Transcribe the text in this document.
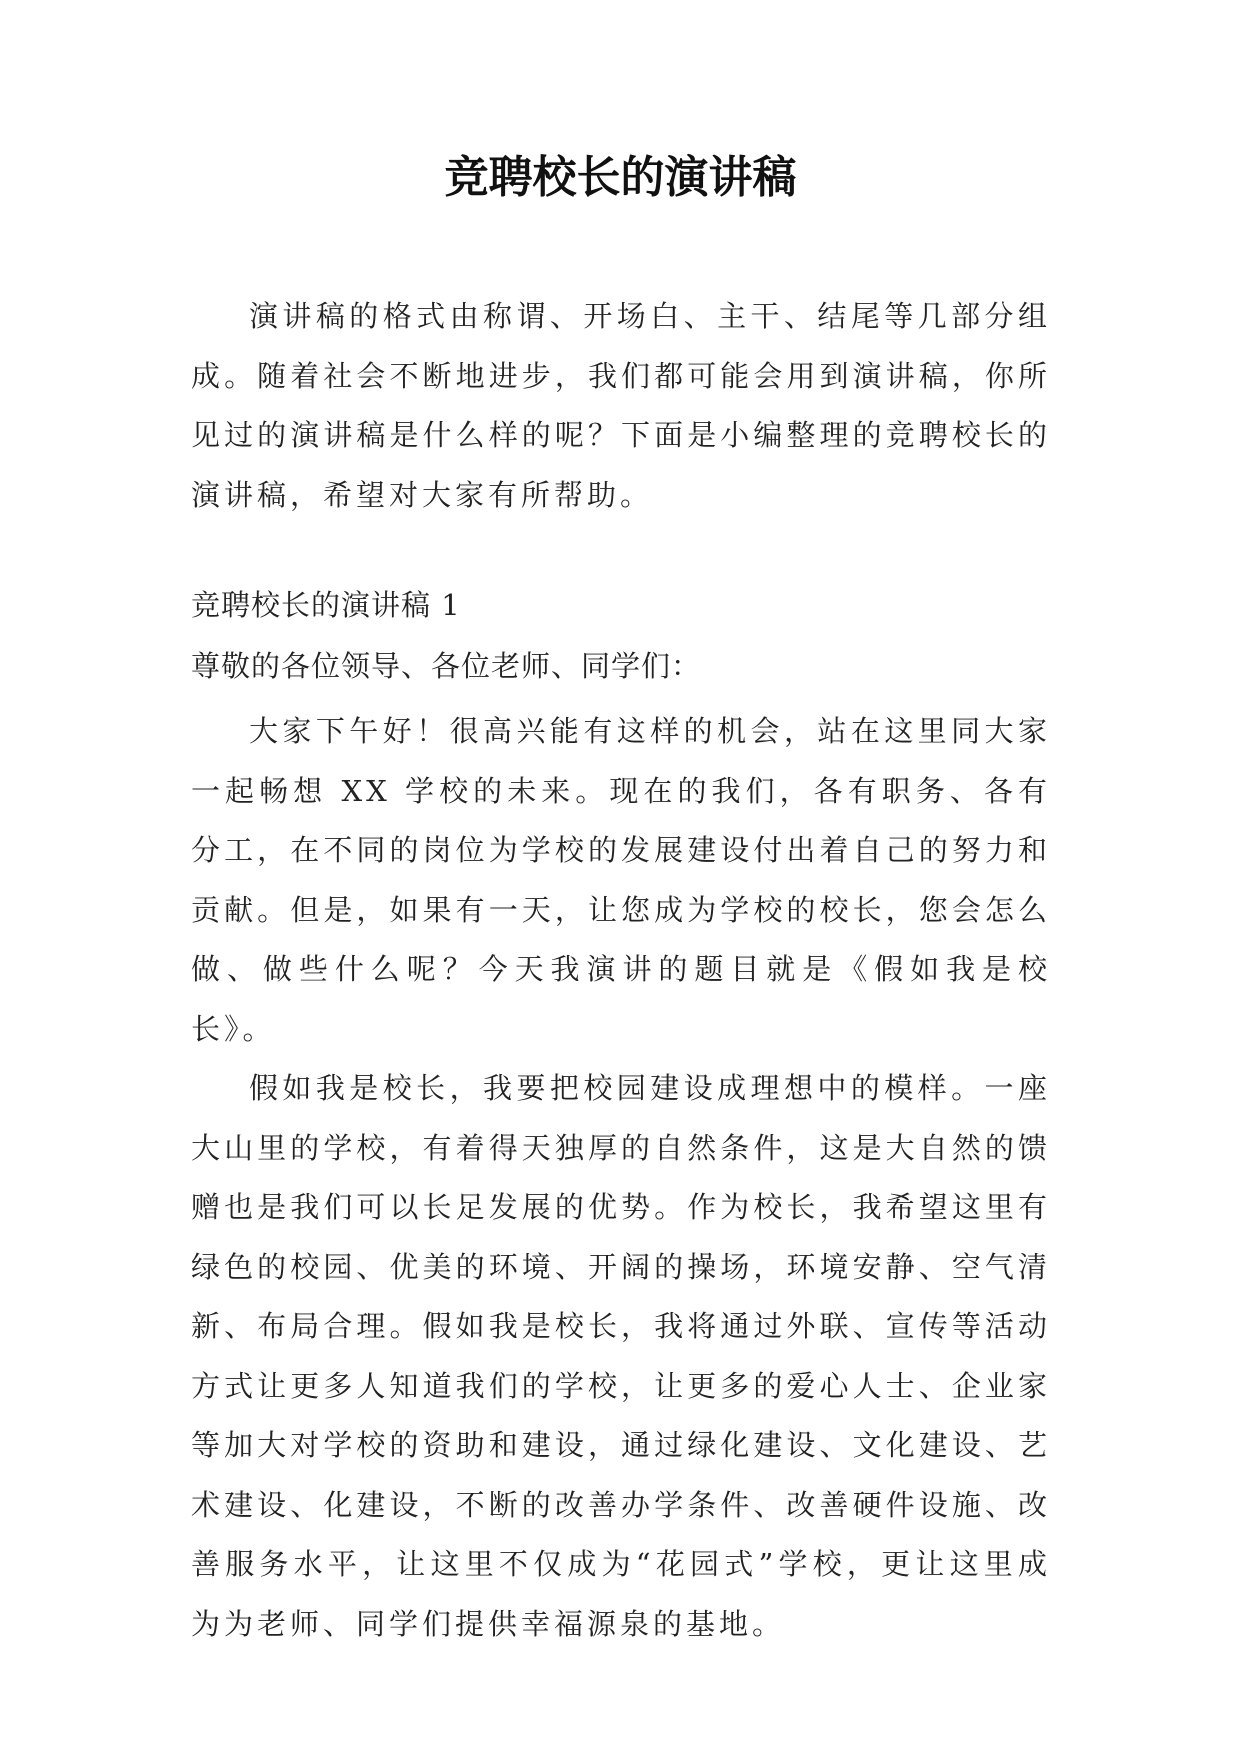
竞聘校长的演讲稿

演讲稿的格式由称谓、开场白、主干、结尾等几部分组成。随着社会不断地进步，我们都可能会用到演讲稿，你所见过的演讲稿是什么样的呢？下面是小编整理的竞聘校长的演讲稿，希望对大家有所帮助。

竞聘校长的演讲稿 1

尊敬的各位领导、各位老师、同学们：

大家下午好！很高兴能有这样的机会，站在这里同大家一起畅想 XX 学校的未来。现在的我们，各有职务、各有分工，在不同的岗位为学校的发展建设付出着自己的努力和贡献。但是，如果有一天，让您成为学校的校长，您会怎么做、做些什么呢？今天我演讲的题目就是《假如我是校长》。

假如我是校长，我要把校园建设成理想中的模样。一座大山里的学校，有着得天独厚的自然条件，这是大自然的馈赠也是我们可以长足发展的优势。作为校长，我希望这里有绿色的校园、优美的环境、开阔的操场，环境安静、空气清新、布局合理。假如我是校长，我将通过外联、宣传等活动方式让更多人知道我们的学校，让更多的爱心人士、企业家等加大对学校的资助和建设，通过绿化建设、文化建设、艺术建设、化建设，不断的改善办学条件、改善硬件设施、改善服务水平，让这里不仅成为“花园式”学校，更让这里成为为老师、同学们提供幸福源泉的基地。
